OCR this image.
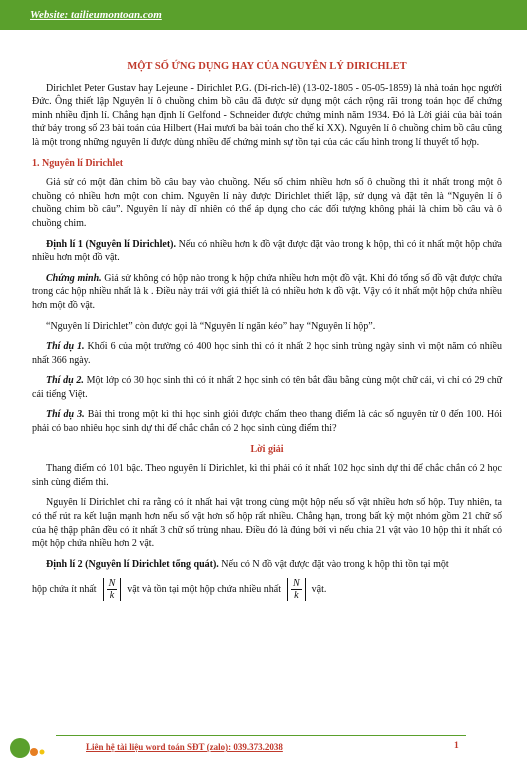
Website: tailieumontoan.com
MỘT SỐ ỨNG DỤNG HAY CỦA NGUYÊN LÝ DIRICHLET

Dirichlet Peter Gustav hay Lejeune - Dirichlet P.G. (Di-rich-lê) (13-02-1805 - 05-05-1859) là nhà toán học người Đức. Ông thiết lập Nguyên lí ô chuồng chim bồ câu đã được sử dụng một cách rộng rãi trong toán học để chứng minh nhiều định lí. Chẳng hạn định lí Gelfond - Schneider được chứng minh năm 1934. Đó là Lời giải của bài toán thứ bảy trong số 23 bài toán của Hilbert (Hai mươi ba bài toán cho thế kỉ XX). Nguyên lí ô chuồng chim bồ câu cũng là một trong những nguyên lí được dùng nhiều để chứng minh sự tồn tại của các cấu hình trong lí thuyết tổ hợp.

1. Nguyên lí Dirichlet

Giả sử có một đàn chim bồ câu bay vào chuồng. Nếu số chim nhiều hơn số ô chuồng thì ít nhất trong một ô chuồng có nhiều hơn một con chim. Nguyên lí này được Dirichlet thiết lập, sử dụng và đặt tên là “Nguyên lí ô chuồng chim bồ câu”. Nguyên lí này dĩ nhiên có thể áp dụng cho các đối tượng không phải là chim bồ câu và ô chuồng chim.

Định lí 1 (Nguyên lí Dirichlet). Nếu có nhiều hơn k đồ vật được đặt vào trong k hộp, thì có ít nhất một hộp chứa nhiều hơn một đồ vật.

Chứng minh. Giả sử không có hộp nào trong k hộp chứa nhiều hơn một đồ vật. Khi đó tổng số đồ vật được chứa trong các hộp nhiều nhất là k . Điều này trái với giả thiết là có nhiều hơn k đồ vật. Vậy có ít nhất một hộp chứa nhiều hơn một đồ vật.

“Nguyên lí Dirichlet” còn được gọi là “Nguyên lí ngăn kéo” hay “Nguyên lí hộp”.

Thí dụ 1. Khối 6 của một trường có 400 học sinh thì có ít nhất 2 học sinh trùng ngày sinh vì một năm có nhiều nhất 366 ngày.

Thí dụ 2. Một lớp có 30 học sinh thì có ít nhất 2 học sinh có tên bắt đầu bằng cùng một chữ cái, vì chỉ có 29 chữ cái tiếng Việt.

Thí dụ 3. Bài thi trong một kì thi học sinh giỏi được chấm theo thang điểm là các số nguyên từ 0 đến 100. Hỏi phải có bao nhiêu học sinh dự thi để chắc chắn có 2 học sinh cùng điểm thi?

Lời giải

Thang điểm có 101 bậc. Theo nguyên lí Dirichlet, kì thi phải có ít nhất 102 học sinh dự thi để chắc chắn có 2 học sinh cùng điểm thi.

Nguyên lí Dirichlet chỉ ra rằng có ít nhất hai vật trong cùng một hộp nếu số vật nhiều hơn số hộp. Tuy nhiên, ta có thể rút ra kết luận mạnh hơn nếu số vật hơn số hộp rất nhiều. Chẳng hạn, trong bất kỳ một nhóm gồm 21 chữ số của hệ thập phân đều có ít nhất 3 chữ số trùng nhau. Điều đó là đúng bởi vì nếu chia 21 vật vào 10 hộp thì ít nhất có một hộp chứa nhiều hơn 2 vật.

Định lí 2 (Nguyên lí Dirichlet tổng quát). Nếu có N đồ vật được đặt vào trong k hộp thì tồn tại một

hộp chứa ít nhất $\frac{N}{k}$ vật và tồn tại một hộp chứa nhiều nhất $\frac{N}{k}$ vật.
Liên hệ tài liệu word toán SĐT (zalo): 039.373.2038	1
